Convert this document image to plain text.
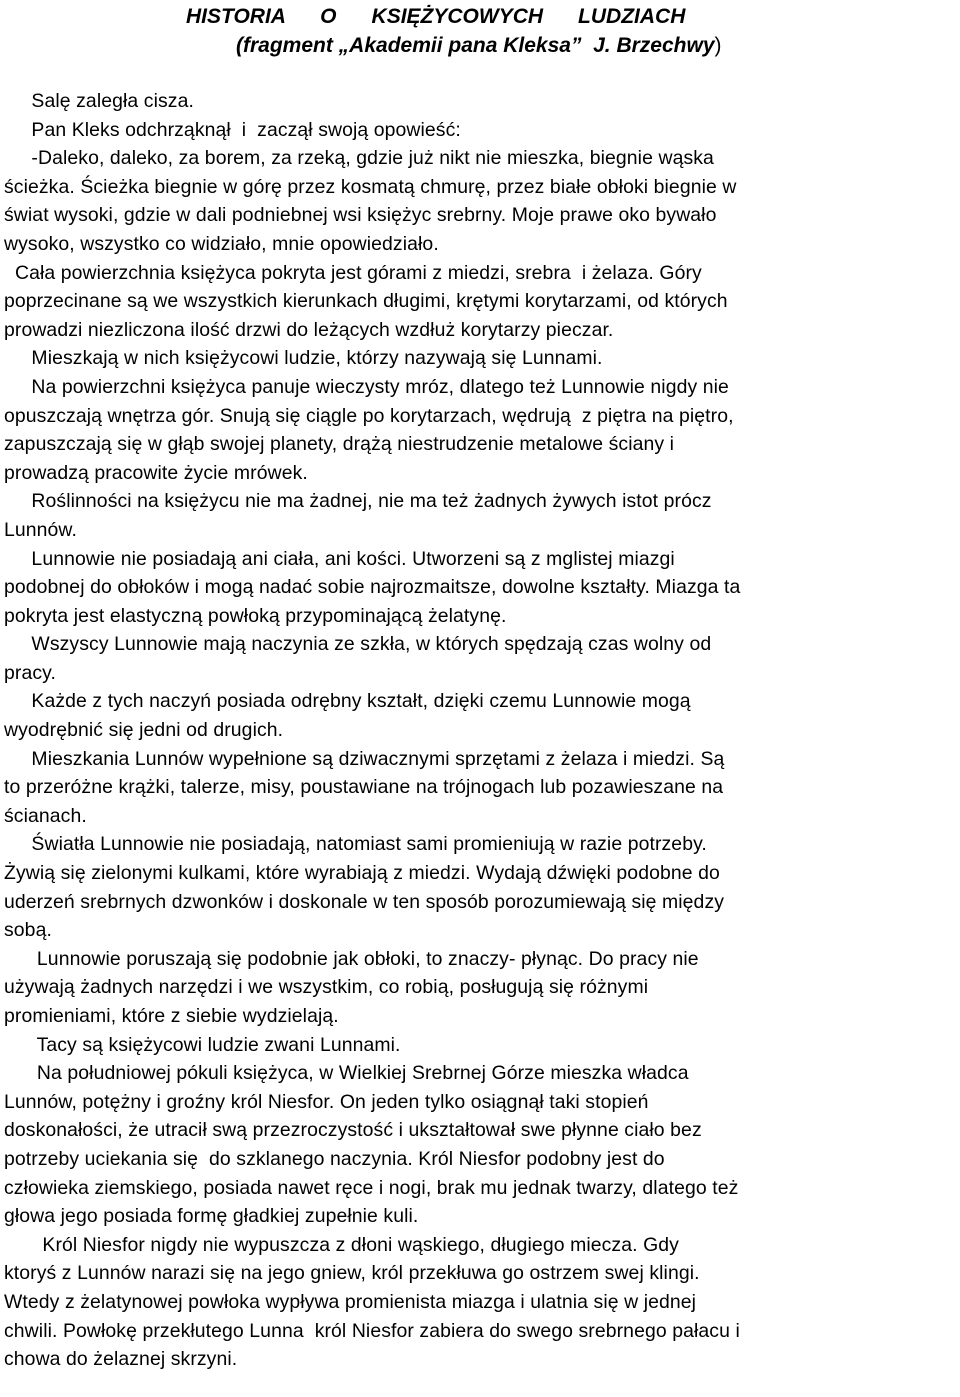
HISTORIA      O      KSIĘŻYCOWYCH      LUDZIACH
(fragment „Akademii pana Kleksa”  J. Brzechwy)
Salę zaległa cisza.
Pan Kleks odchrząknął  i  zaczął swoją opowieść:
-Daleko, daleko, za borem, za rzeką, gdzie już nikt nie mieszka, biegnie wąska
ścieżka. Ścieżka biegnie w górę przez kosmatą chmurę, przez białe obłoki biegnie w
świat wysoki, gdzie w dali podniebnej wsi księżyc srebrny. Moje prawe oko bywało
wysoko, wszystko co widziało, mnie opowiedziało.
Cała powierzchnia księżyca pokryta jest górami z miedzi, srebra  i żelaza. Góry
poprzecinane są we wszystkich kierunkach długimi, krętymi korytarzami, od których
prowadzi niezliczona ilość drzwi do leżących wzdłuż korytarzy pieczar.
Mieszkają w nich księżycowi ludzie, którzy nazywają się Lunnami.
Na powierzchni księżyca panuje wieczysty mróz, dlatego też Lunnowie nigdy nie
opuszczają wnętrza gór. Snują się ciągle po korytarzach, wędrują  z piętra na piętro,
zapuszczają się w głąb swojej planety, drążą niestrudzenie metalowe ściany i
prowadzą pracowite życie mrówek.
Roślinności na księżycu nie ma żadnej, nie ma też żadnych żywych istot prócz
Lunnów.
Lunnowie nie posiadają ani ciała, ani kości. Utworzeni są z mglistej miazgi
podobnej do obłoków i mogą nadać sobie najrozmaitsze, dowolne kształty. Miazga ta
pokryta jest elastyczną powłoką przypominającą żelatynę.
Wszyscy Lunnowie mają naczynia ze szkła, w których spędzają czas wolny od
pracy.
Każde z tych naczyń posiada odrębny kształt, dzięki czemu Lunnowie mogą
wyodrębnić się jedni od drugich.
Mieszkania Lunnów wypełnione są dziwacznymi sprzętami z żelaza i miedzi. Są
to przeróżne krążki, talerze, misy, poustawiane na trójnogach lub pozawieszane na
ścianach.
Światła Lunnowie nie posiadają, natomiast sami promieniują w razie potrzeby.
Żywią się zielonymi kulkami, które wyrabiają z miedzi. Wydają dźwięki podobne do
uderzeń srebrnych dzwonków i doskonale w ten sposób porozumiewają się między
sobą.
Lunnowie poruszają się podobnie jak obłoki, to znaczy- płynąc. Do pracy nie
używają żadnych narzędzi i we wszystkim, co robią, posługują się różnymi
promieniami, które z siebie wydzielają.
Tacy są księżycowi ludzie zwani Lunnami.
Na południowej pókuli księżyca, w Wielkiej Srebrnej Górze mieszka władca
Lunnów, potężny i groźny król Niesfor. On jeden tylko osiągnął taki stopień
doskonałości, że utracił swą przezroczystość i ukształtował swe płynne ciało bez
potrzeby uciekania się  do szklanego naczynia. Król Niesfor podobny jest do
człowieka ziemskiego, posiada nawet ręce i nogi, brak mu jednak twarzy, dlatego też
głowa jego posiada formę gładkiej zupełnie kuli.
Król Niesfor nigdy nie wypuszcza z dłoni wąskiego, długiego miecza. Gdy
ktoryś z Lunnów narazi się na jego gniew, król przekłuwa go ostrzem swej klingi.
Wtedy z żelatynowej powłoka wypływa promienista miazga i ulatnia się w jednej
chwili. Powłokę przekłutego Lunna  król Niesfor zabiera do swego srebrnego pałacu i
chowa do żelaznej skrzyni.
